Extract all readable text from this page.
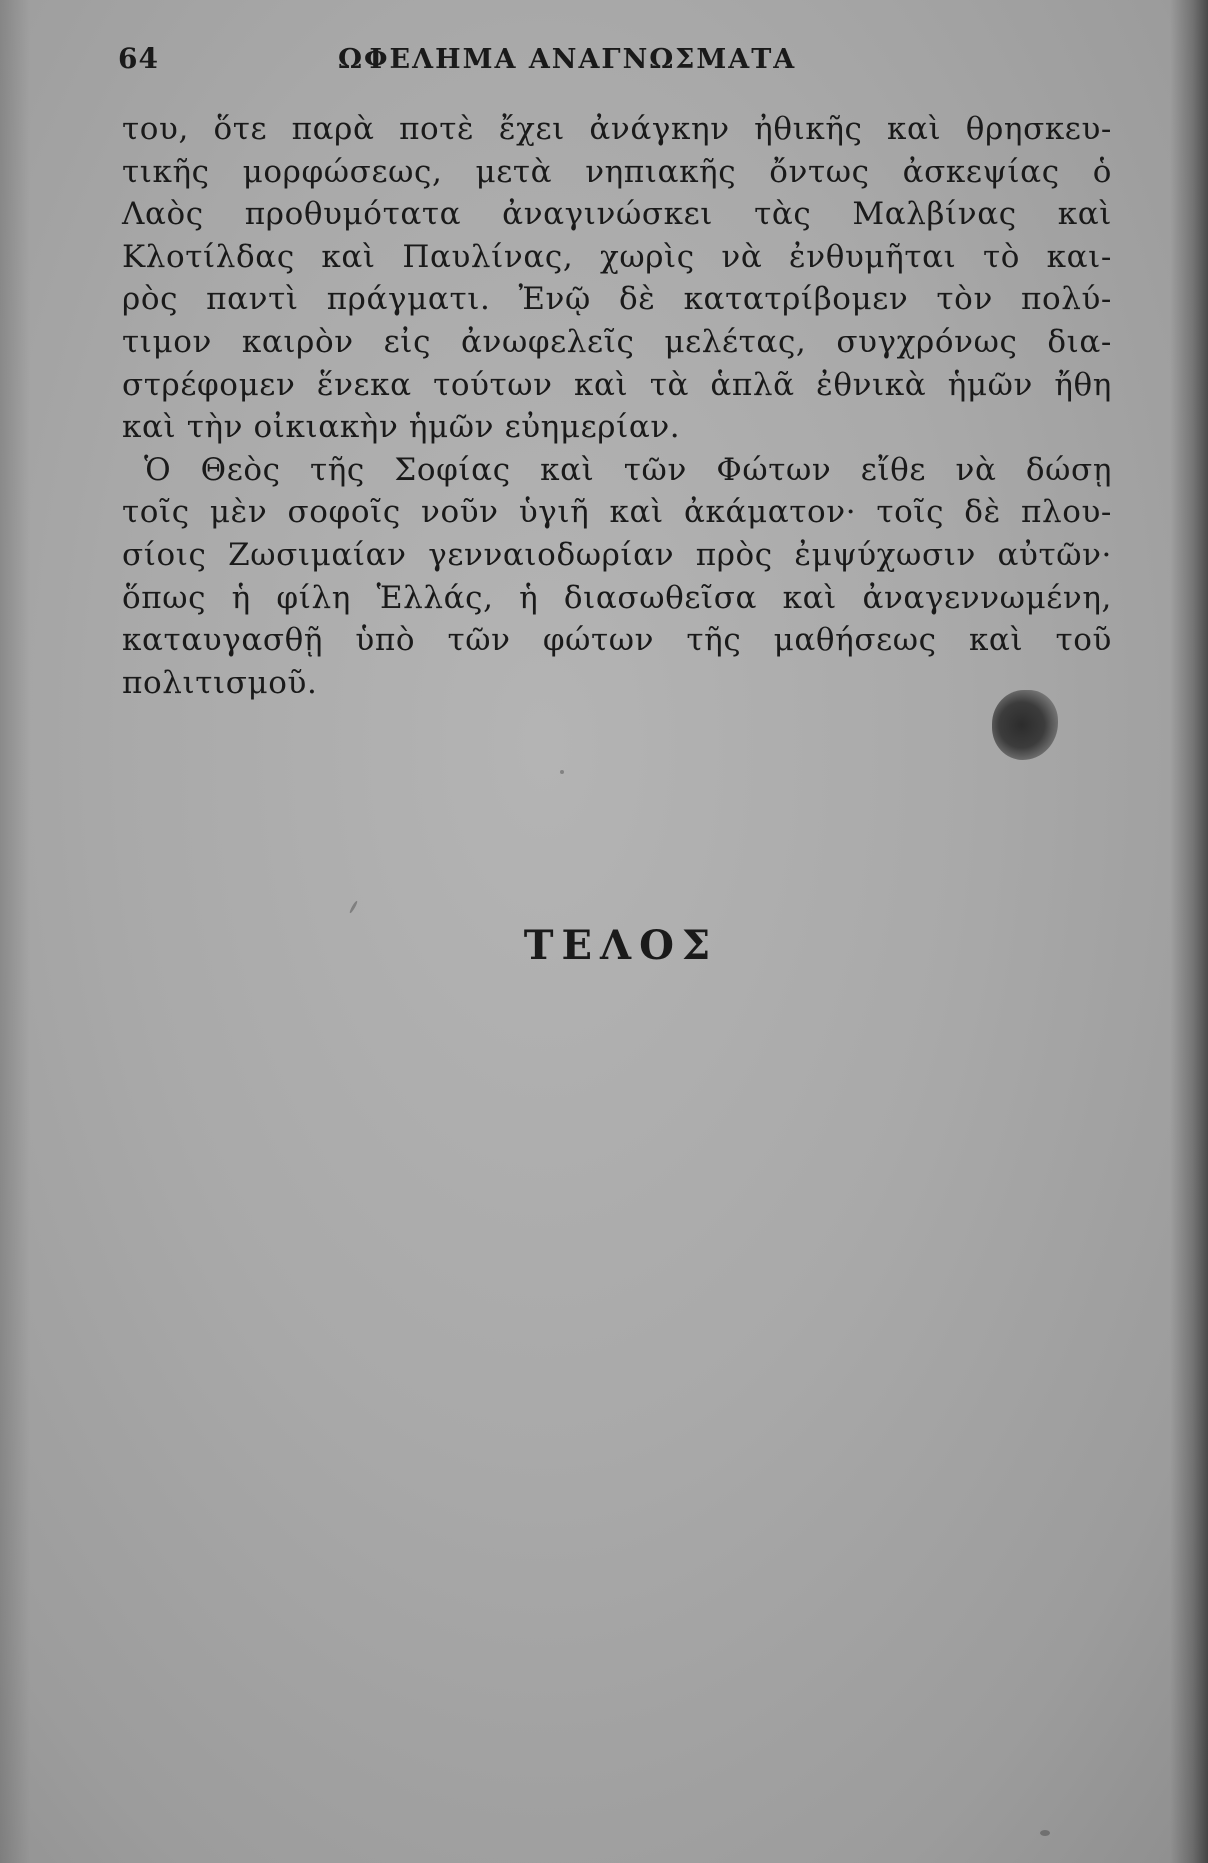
64	ΩΦΕΛΗΜΑ ΑΝΑΓΝΩΣΜΑΤΑ
του, ὅτε παρὰ ποτὲ ἔχει ἀνάγκην ἠθικῆς καὶ θρησκευ-
τικῆς μορφώσεως, μετὰ νηπιακῆς ὄντως ἀσκεψίας ὁ
Λαὸς προθυμότατα ἀναγινώσκει τὰς Μαλβίνας καὶ
Κλοτίλδας καὶ Παυλίνας, χωρὶς νὰ ἐνθυμῆται τὸ και-
ρὸς παντὶ πράγματι. Ἐνῷ δὲ κατατρίβομεν τὸν πολύ-
τιμον καιρὸν εἰς ἀνωφελεῖς μελέτας, συγχρόνως δια-
στρέφομεν ἕνεκα τούτων καὶ τὰ ἁπλᾶ ἐθνικὰ ἡμῶν ἤθη
καὶ τὴν οἰκιακὴν ἡμῶν εὐημερίαν.
Ὁ Θεὸς τῆς Σοφίας καὶ τῶν Φώτων εἴθε νὰ δώσῃ
τοῖς μὲν σοφοῖς νοῦν ὑγιῆ καὶ ἀκάματον· τοῖς δὲ πλου-
σίοις Ζωσιμαίαν γενναιοδωρίαν πρὸς ἐμψύχωσιν αὐτῶν·
ὅπως ἡ φίλη Ἑλλάς, ἡ διασωθεῖσα καὶ ἀναγεννωμένη,
καταυγασθῇ ὑπὸ τῶν φώτων τῆς μαθήσεως καὶ τοῦ
πολιτισμοῦ.
ΤΕΛΟΣ
